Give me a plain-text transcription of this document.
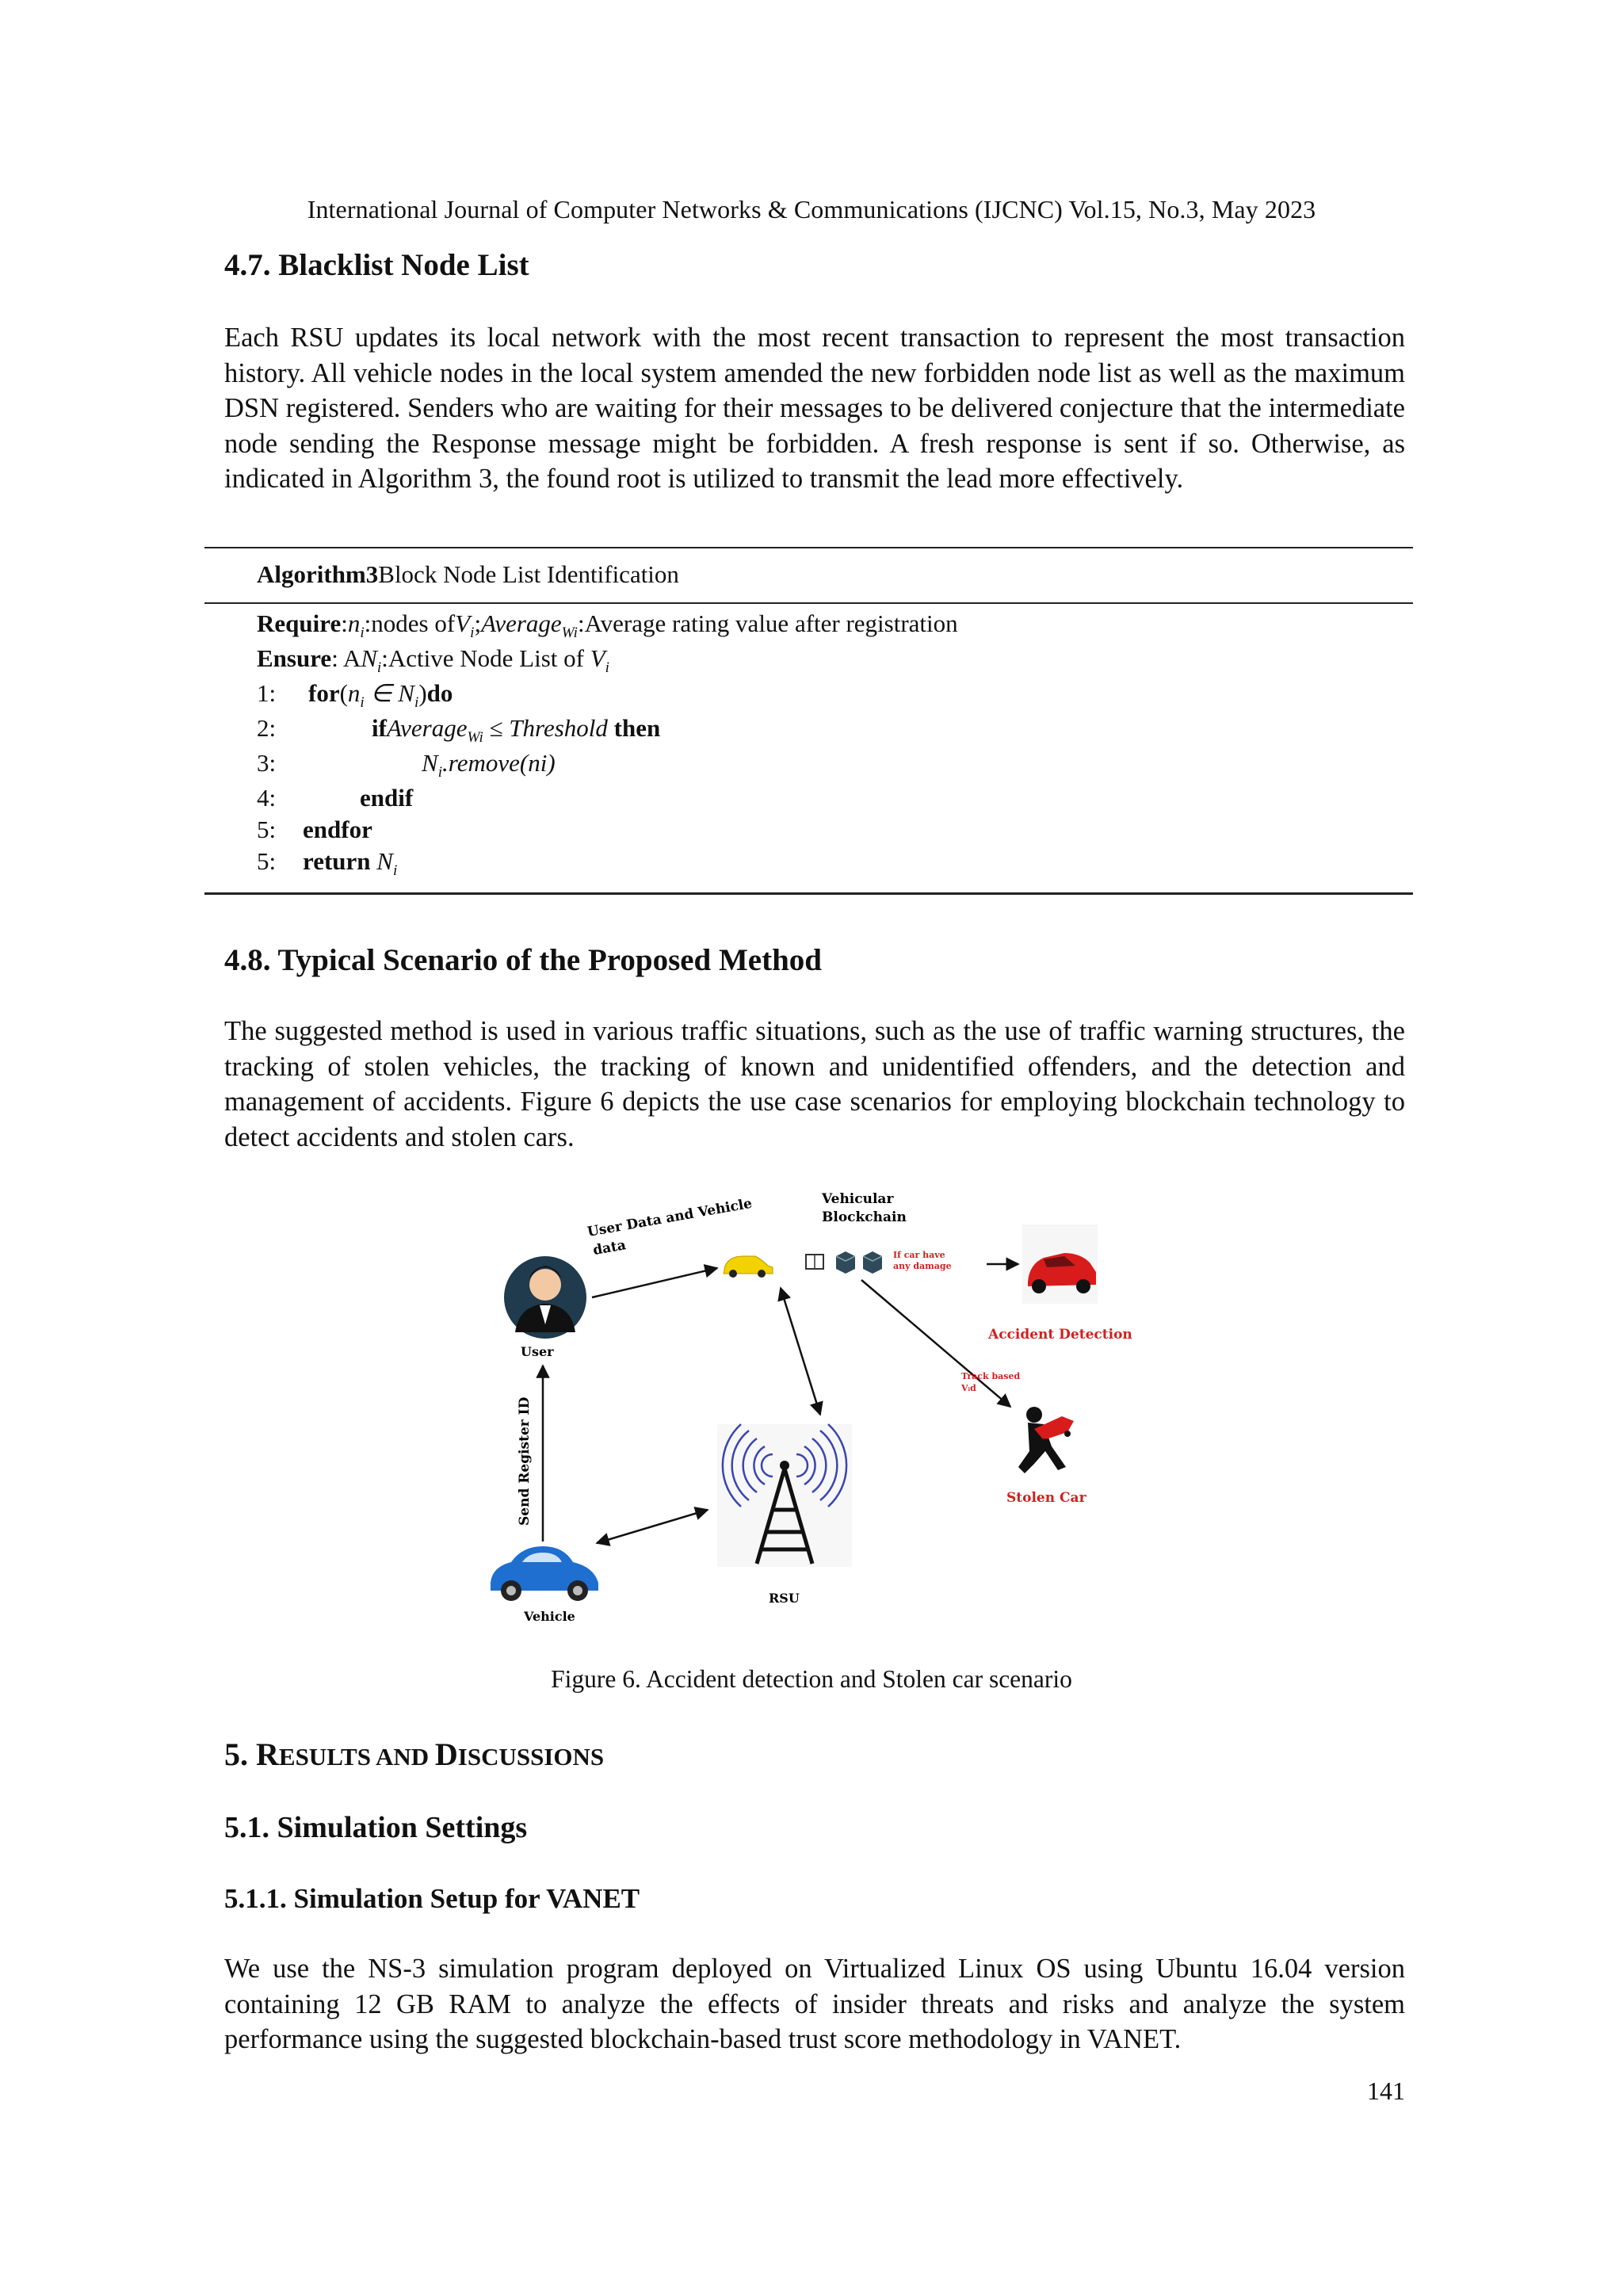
International Journal of Computer Networks & Communications (IJCNC) Vol.15, No.3, May 2023
4.7. Blacklist Node List

Each RSU updates its local network with the most recent transaction to represent the most transaction history. All vehicle nodes in the local system amended the new forbidden node list as well as the maximum DSN registered. Senders who are waiting for their messages to be delivered conjecture that the intermediate node sending the Response message might be forbidden. A fresh response is sent if so. Otherwise, as indicated in Algorithm 3, the found root is utilized to transmit the lead more effectively.

Algorithm3Block Node List Identification
$Require:n_i:nodes$ ofV$_i$;Average$_{Wi}$:Average rating value after registration
Ensure: $AN_i:Active$ Node List of $V_i$
1: $for(n_i$ ∈ $N_i)do$
2:	ifAverage$_{Wi}$ ≤ Threshold then
3:	$N_i.remove(ni)$
4:	endif
5: endfor
5: return $N_i$
4.8. Typical Scenario of the Proposed Method

The suggested method is used in various traffic situations, such as the use of traffic warning structures, the tracking of stolen vehicles, the tracking of known and unidentified offenders, and the detection and management of accidents. Figure 6 depicts the use case scenarios for employing blockchain technology to detect accidents and stolen cars.

User
User Data and Vehicle
data
Vehicular
Blockchain
If car have
any damage
Accident Detection
Track based
Vᵢd
Stolen Car
RSU
Send Register ID
Vehicle
Figure 6. Accident detection and Stolen car scenario
5. RESULTS AND DISCUSSIONS
5.1. Simulation Settings
5.1.1. Simulation Setup for VANET

We use the NS-3 simulation program deployed on Virtualized Linux OS using Ubuntu 16.04 version containing 12 GB RAM to analyze the effects of insider threats and risks and analyze the system performance using the suggested blockchain-based trust score methodology in VANET.

141
